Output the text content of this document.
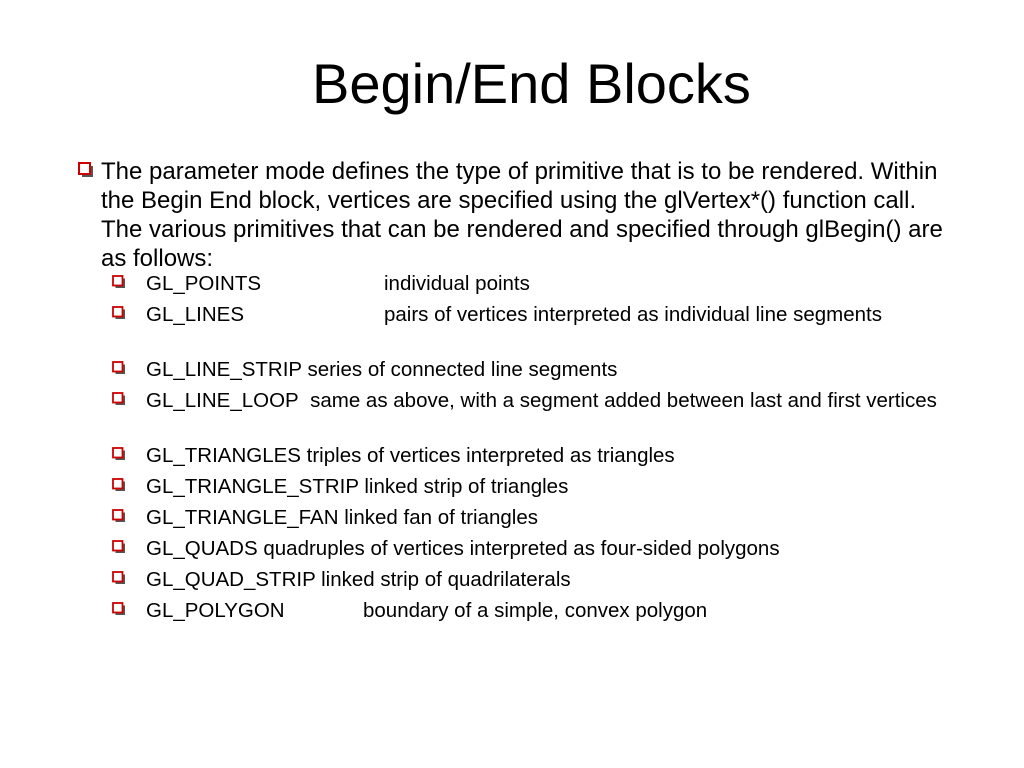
Begin/End Blocks
The parameter mode defines the type of primitive that is to be rendered. Within the Begin End block, vertices are specified using the glVertex*() function call. The various primitives that can be rendered and specified through glBegin() are as follows:
GL_POINTS	individual points
GL_LINES	pairs of vertices interpreted as individual line segments
GL_LINE_STRIP series of connected line segments
GL_LINE_LOOP same as above, with a segment added between last and first vertices
GL_TRIANGLES triples of vertices interpreted as triangles
GL_TRIANGLE_STRIP linked strip of triangles
GL_TRIANGLE_FAN linked fan of triangles
GL_QUADS quadruples of vertices interpreted as four-sided polygons
GL_QUAD_STRIP linked strip of quadrilaterals
GL_POLYGON	boundary of a simple, convex polygon
